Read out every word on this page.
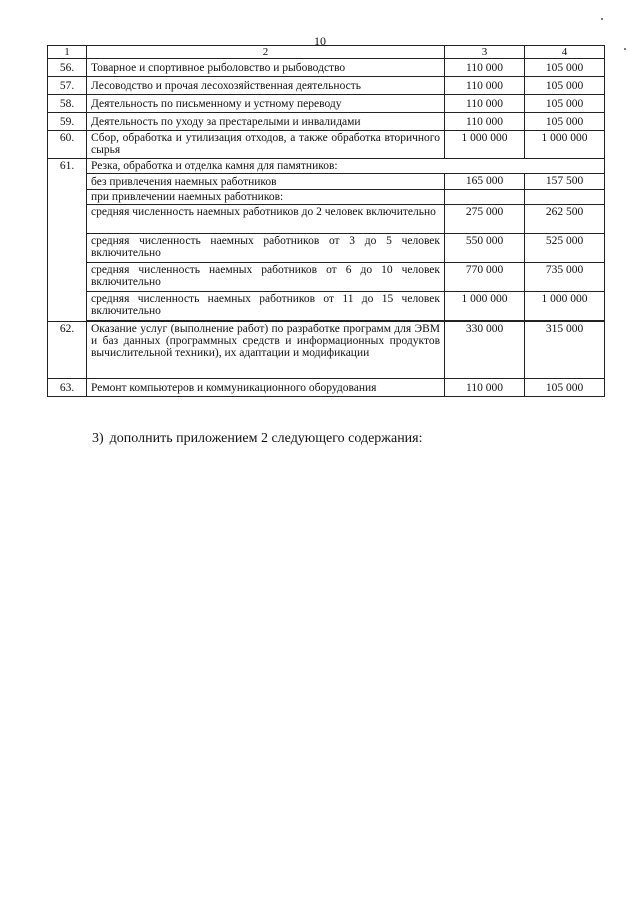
10
1	2	3	4
56.	Товарное и спортивное рыболовство и рыбоводство	110 000	105 000
57.	Лесоводство и прочая лесохозяйственная деятельность	110 000	105 000
58.	Деятельность по письменному и устному переводу	110 000	105 000
59.	Деятельность по уходу за престарелыми и инвалидами	110 000	105 000
60.	Сбор, обработка и утилизация отходов, а также обработка вторичного сырья	1 000 000	1 000 000
61.	Резка, обработка и отделка камня для памятников:		
	без привлечения наемных работников	165 000	157 500
	при привлечении наемных работников:		
	средняя численность наемных работников до 2 человек включительно	275 000	262 500
	средняя численность наемных работников от 3 до 5 человек включительно	550 000	525 000
	средняя численность наемных работников от 6 до 10 человек включительно	770 000	735 000
	средняя численность наемных работников от 11 до 15 человек включительно	1 000 000	1 000 000

62.	Оказание услуг (выполнение работ) по разработке программ для ЭВМ и баз данных (программных средств и информационных продуктов вычислительной техники), их адаптации и модификации	330 000	315 000
63.	Ремонт компьютеров и коммуникационного оборудования	110 000	105 000
3) дополнить приложением 2 следующего содержания:
